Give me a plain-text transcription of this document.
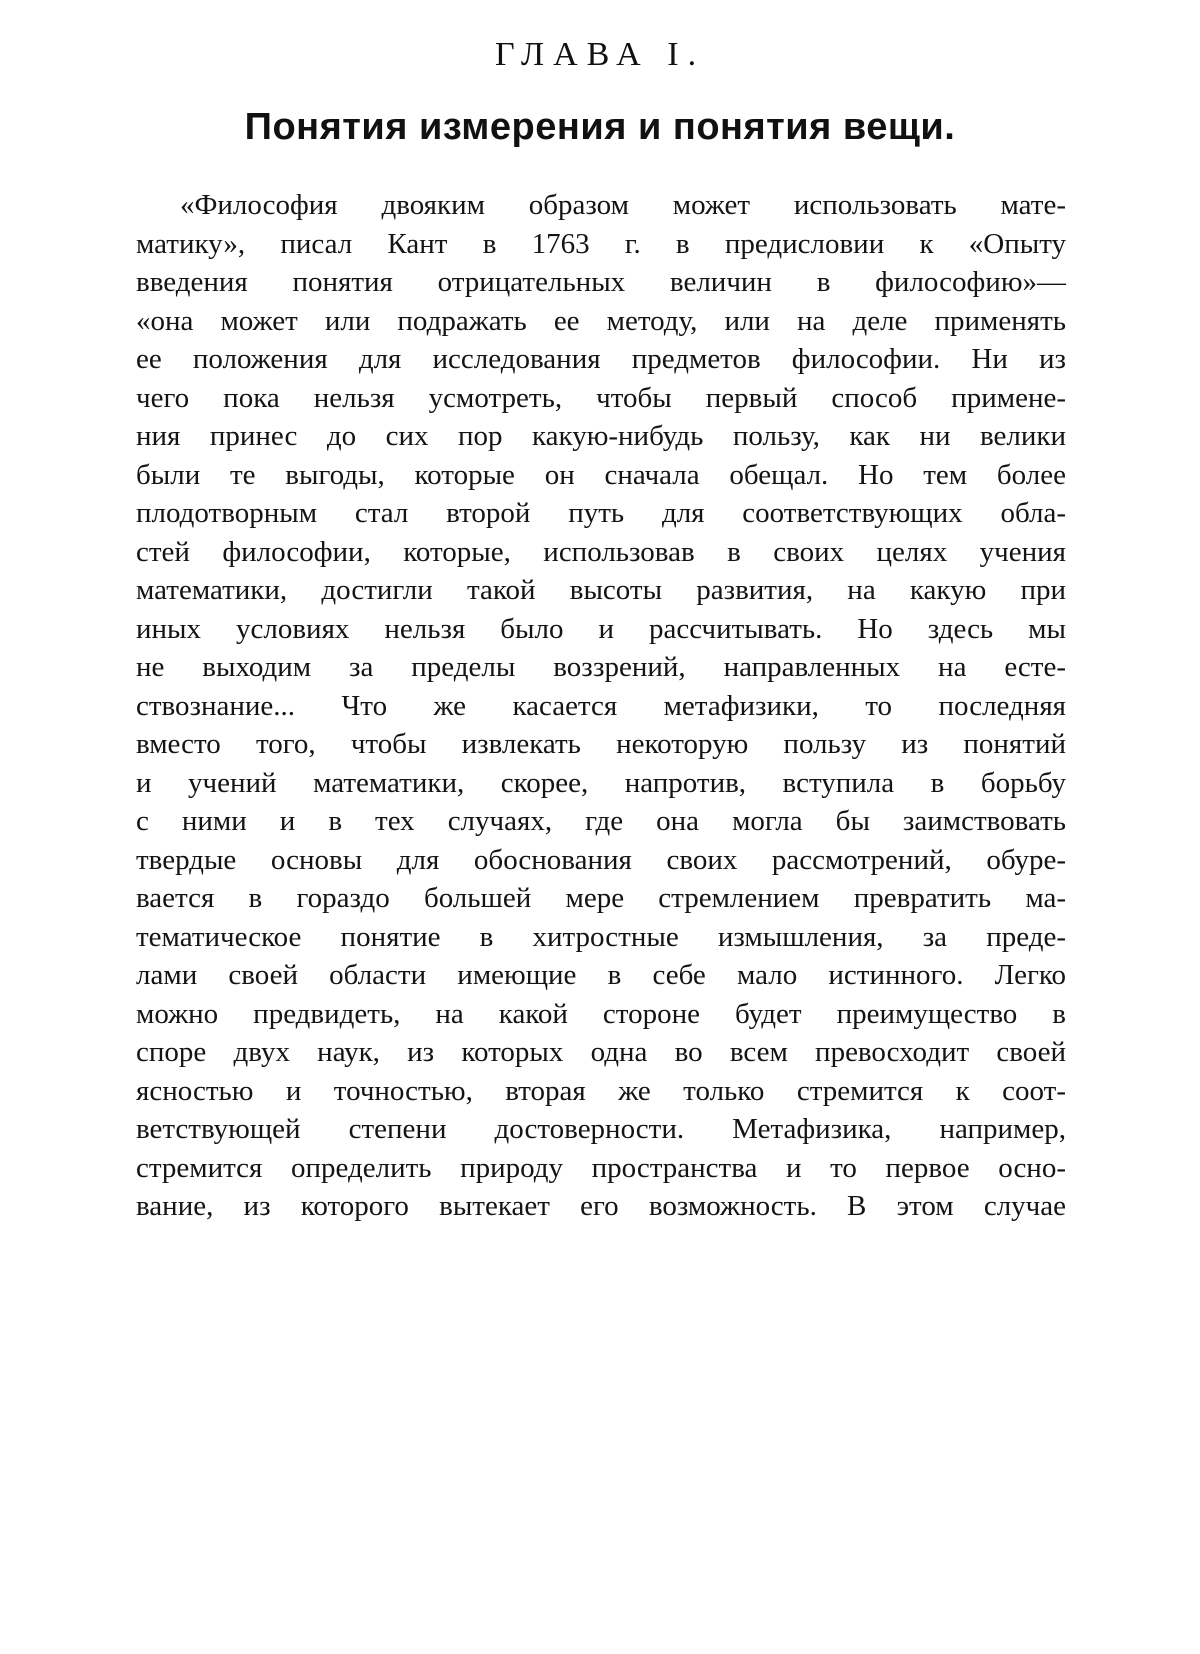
ГЛАВА I.
Понятия измерения и понятия вещи.
«Философия двояким образом может использовать мате-
матику», писал Кант в 1763 г. в предисловии к «Опыту
введения понятия отрицательных величин в философию»—
«она может или подражать ее методу, или на деле применять
ее положения для исследования предметов философии. Ни из
чего пока нельзя усмотреть, чтобы первый способ примене-
ния принес до сих пор какую-нибудь пользу, как ни велики
были те выгоды, которые он сначала обещал. Но тем более
плодотворным стал второй путь для соответствующих обла-
стей философии, которые, использовав в своих целях учения
математики, достигли такой высоты развития, на какую при
иных условиях нельзя было и рассчитывать. Но здесь мы
не выходим за пределы воззрений, направленных на есте-
ствознание... Что же касается метафизики, то последняя
вместо того, чтобы извлекать некоторую пользу из понятий
и учений математики, скорее, напротив, вступила в борьбу
с ними и в тех случаях, где она могла бы заимствовать
твердые основы для обоснования своих рассмотрений, обуре-
вается в гораздо большей мере стремлением превратить ма-
тематическое понятие в хитростные измышления, за преде-
лами своей области имеющие в себе мало истинного. Легко
можно предвидеть, на какой стороне будет преимущество в
споре двух наук, из которых одна во всем превосходит своей
ясностью и точностью, вторая же только стремится к соот-
ветствующей степени достоверности. Метафизика, например,
стремится определить природу пространства и то первое осно-
вание, из которого вытекает его возможность. В этом случае
